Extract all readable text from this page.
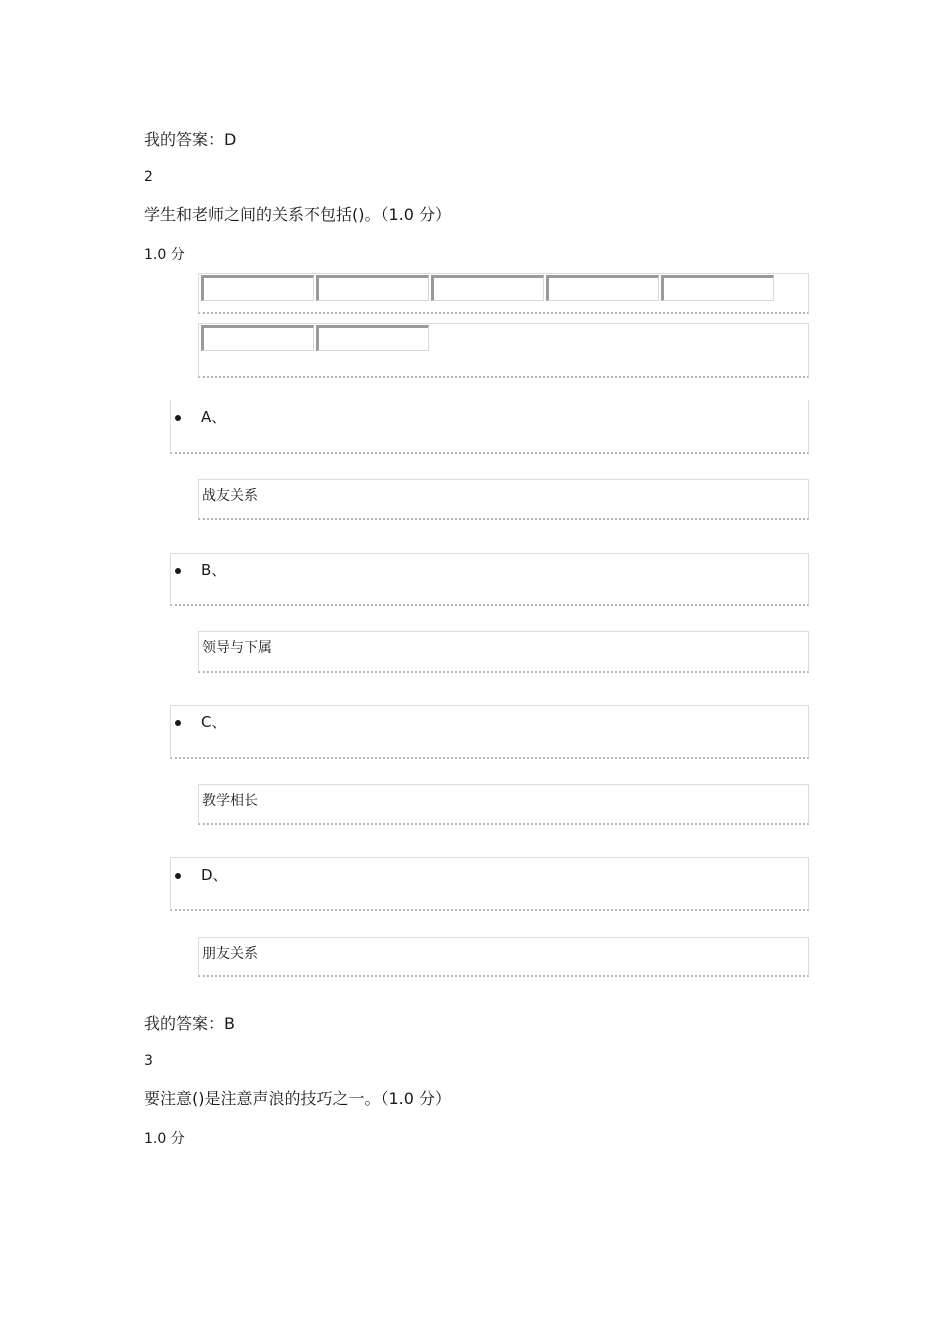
我的答案：D
2
学生和老师之间的关系不包括()。（1.0 分）
1.0 分
A、
战友关系
B、
领导与下属
C、
教学相长
D、
朋友关系
我的答案：B
3
要注意()是注意声浪的技巧之一。（1.0 分）
1.0 分
